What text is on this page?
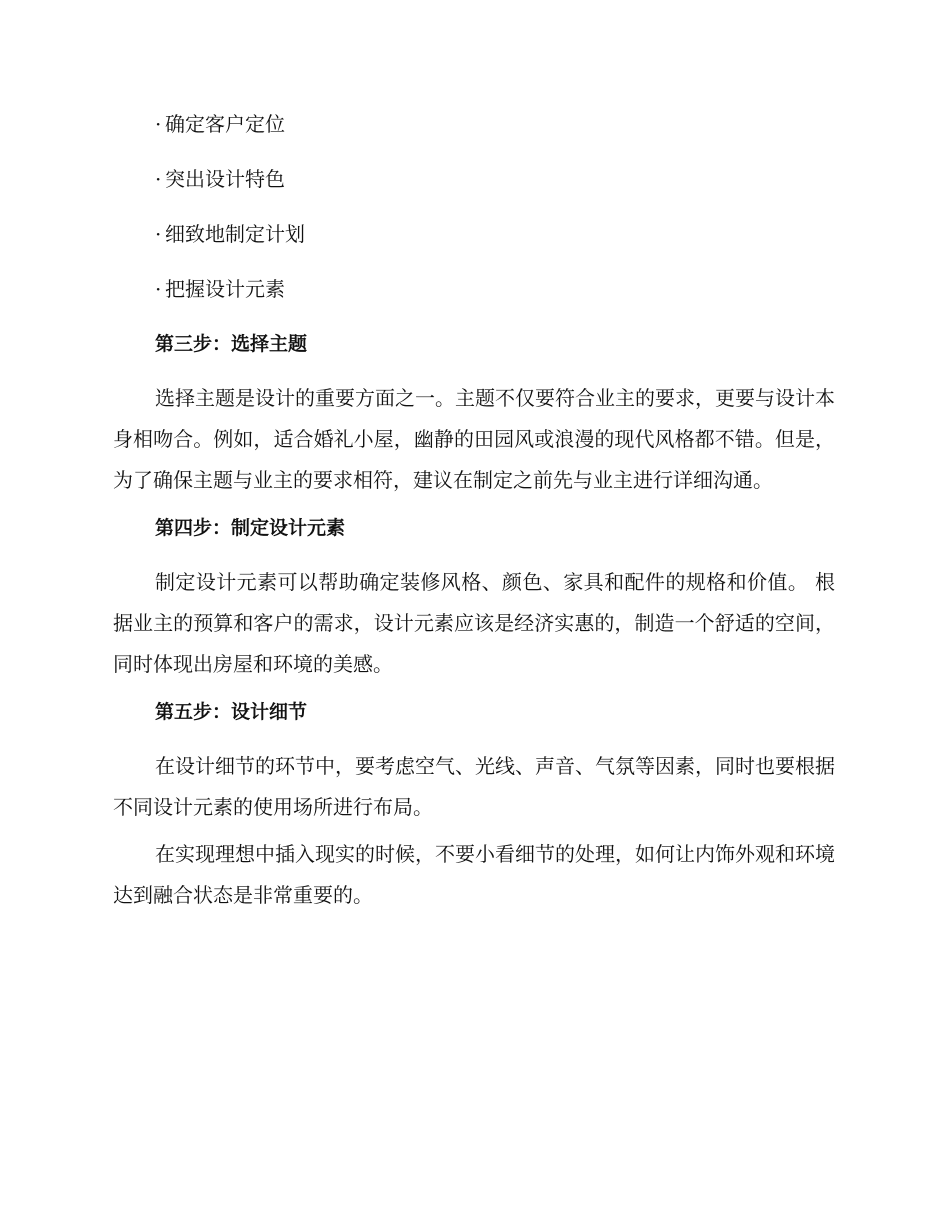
· 确定客户定位
· 突出设计特色
· 细致地制定计划
· 把握设计元素
第三步：选择主题

选择主题是设计的重要方面之一。主题不仅要符合业主的要求，更要与设计本身相吻合。例如，适合婚礼小屋，幽静的田园风或浪漫的现代风格都不错。但是，为了确保主题与业主的要求相符，建议在制定之前先与业主进行详细沟通。

第四步：制定设计元素

制定设计元素可以帮助确定装修风格、颜色、家具和配件的规格和价值。 根据业主的预算和客户的需求，设计元素应该是经济实惠的，制造一个舒适的空间，同时体现出房屋和环境的美感。

第五步：设计细节

在设计细节的环节中，要考虑空气、光线、声音、气氛等因素，同时也要根据不同设计元素的使用场所进行布局。

在实现理想中插入现实的时候，不要小看细节的处理，如何让内饰外观和环境达到融合状态是非常重要的。
